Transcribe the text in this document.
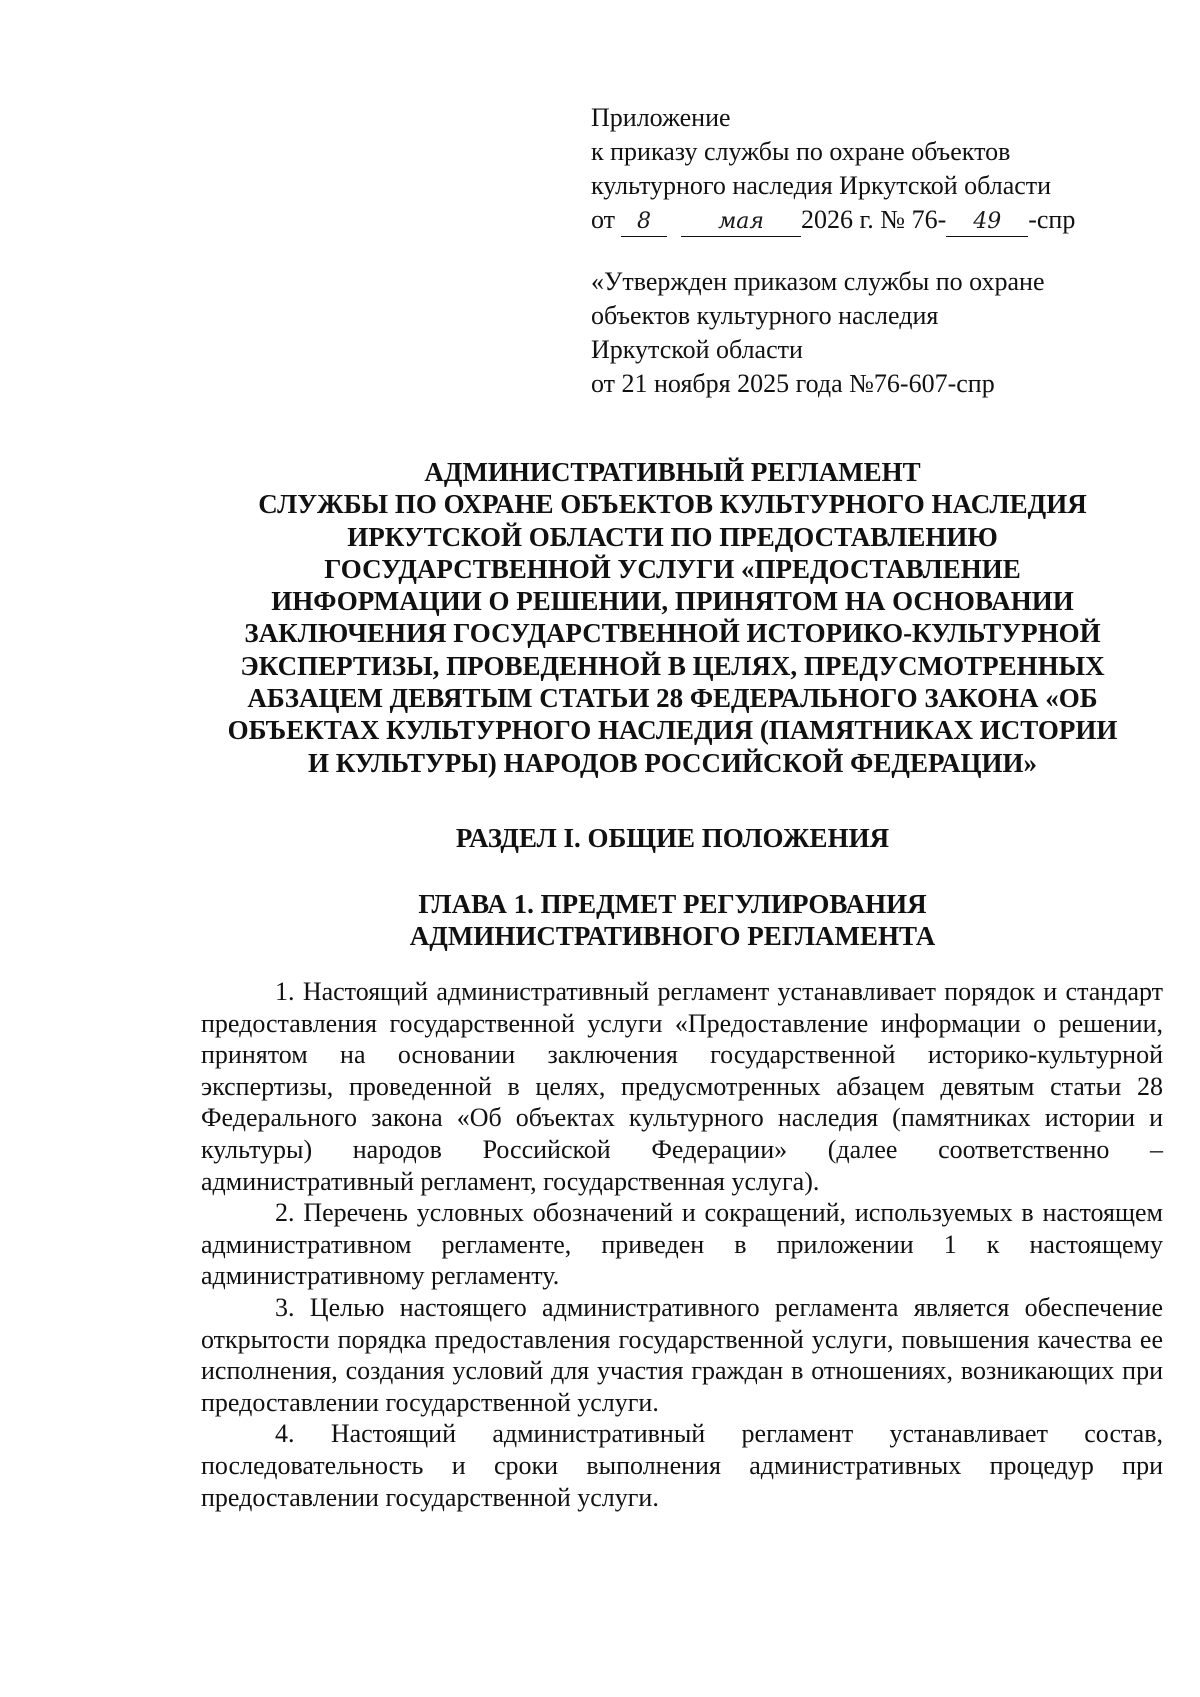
Приложение
к приказу службы по охране объектов
культурного наследия Иркутской области
от 8	мая 2026 г. № 76- 49 -спр
«Утвержден приказом службы по охране
объектов культурного наследия
Иркутской области
от 21 ноября 2025 года №76-607-спр
АДМИНИСТРАТИВНЫЙ РЕГЛАМЕНТ
СЛУЖБЫ ПО ОХРАНЕ ОБЪЕКТОВ КУЛЬТУРНОГО НАСЛЕДИЯ
ИРКУТСКОЙ ОБЛАСТИ ПО ПРЕДОСТАВЛЕНИЮ
ГОСУДАРСТВЕННОЙ УСЛУГИ «ПРЕДОСТАВЛЕНИЕ
ИНФОРМАЦИИ О РЕШЕНИИ, ПРИНЯТОМ НА ОСНОВАНИИ
ЗАКЛЮЧЕНИЯ ГОСУДАРСТВЕННОЙ ИСТОРИКО-КУЛЬТУРНОЙ
ЭКСПЕРТИЗЫ, ПРОВЕДЕННОЙ В ЦЕЛЯХ, ПРЕДУСМОТРЕННЫХ
АБЗАЦЕМ ДЕВЯТЫМ СТАТЬИ 28 ФЕДЕРАЛЬНОГО ЗАКОНА «ОБ
ОБЪЕКТАХ КУЛЬТУРНОГО НАСЛЕДИЯ (ПАМЯТНИКАХ ИСТОРИИ
И КУЛЬТУРЫ) НАРОДОВ РОССИЙСКОЙ ФЕДЕРАЦИИ»
РАЗДЕЛ I. ОБЩИЕ ПОЛОЖЕНИЯ
ГЛАВА 1. ПРЕДМЕТ РЕГУЛИРОВАНИЯ
АДМИНИСТРАТИВНОГО РЕГЛАМЕНТА

1. Настоящий административный регламент устанавливает порядок и стандарт предоставления государственной услуги «Предоставление информации о решении, принятом на основании заключения государственной историко-культурной экспертизы, проведенной в целях, предусмотренных абзацем девятым статьи 28 Федерального закона «Об объектах культурного наследия (памятниках истории и культуры) народов Российской Федерации» (далее соответственно – административный регламент, государственная услуга).

2. Перечень условных обозначений и сокращений, используемых в настоящем административном регламенте, приведен в приложении 1 к настоящему административному регламенту.

3. Целью настоящего административного регламента является обеспечение открытости порядка предоставления государственной услуги, повышения качества ее исполнения, создания условий для участия граждан в отношениях, возникающих при предоставлении государственной услуги.

4. Настоящий административный регламент устанавливает состав, последовательность и сроки выполнения административных процедур при предоставлении государственной услуги.
